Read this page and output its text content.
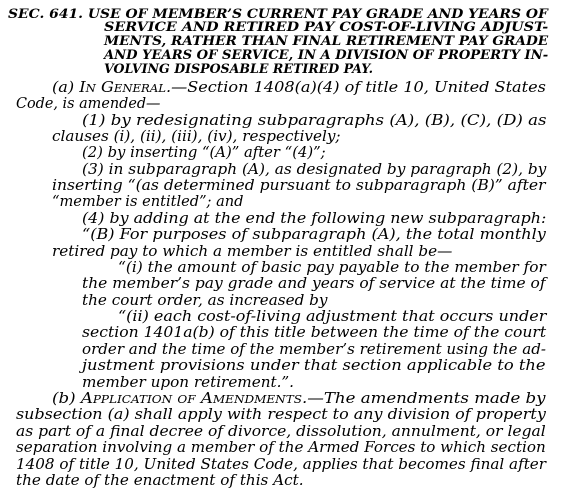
SEC. 641. USE OF MEMBER’S CURRENT PAY GRADE AND YEARS OF
SERVICE AND RETIRED PAY COST-OF-LIVING ADJUST-
MENTS, RATHER THAN FINAL RETIREMENT PAY GRADE
AND YEARS OF SERVICE, IN A DIVISION OF PROPERTY IN-
VOLVING DISPOSABLE RETIRED PAY.
(a) In General.—Section 1408(a)(4) of title 10, United States
Code, is amended—
(1) by redesignating subparagraphs (A), (B), (C), (D) as
clauses (i), (ii), (iii), (iv), respectively;
(2) by inserting “(A)” after “(4)”;
(3) in subparagraph (A), as designated by paragraph (2), by
inserting “(as determined pursuant to subparagraph (B)” after
“member is entitled”; and
(4) by adding at the end the following new subparagraph:
“(B) For purposes of subparagraph (A), the total monthly
retired pay to which a member is entitled shall be—
“(i) the amount of basic pay payable to the member for
the member’s pay grade and years of service at the time of
the court order, as increased by
“(ii) each cost-of-living adjustment that occurs under
section 1401a(b) of this title between the time of the court
order and the time of the member’s retirement using the ad-
justment provisions under that section applicable to the
member upon retirement.”.
(b) Application of Amendments.—The amendments made by
subsection (a) shall apply with respect to any division of property
as part of a final decree of divorce, dissolution, annulment, or legal
separation involving a member of the Armed Forces to which section
1408 of title 10, United States Code, applies that becomes final after
the date of the enactment of this Act.
